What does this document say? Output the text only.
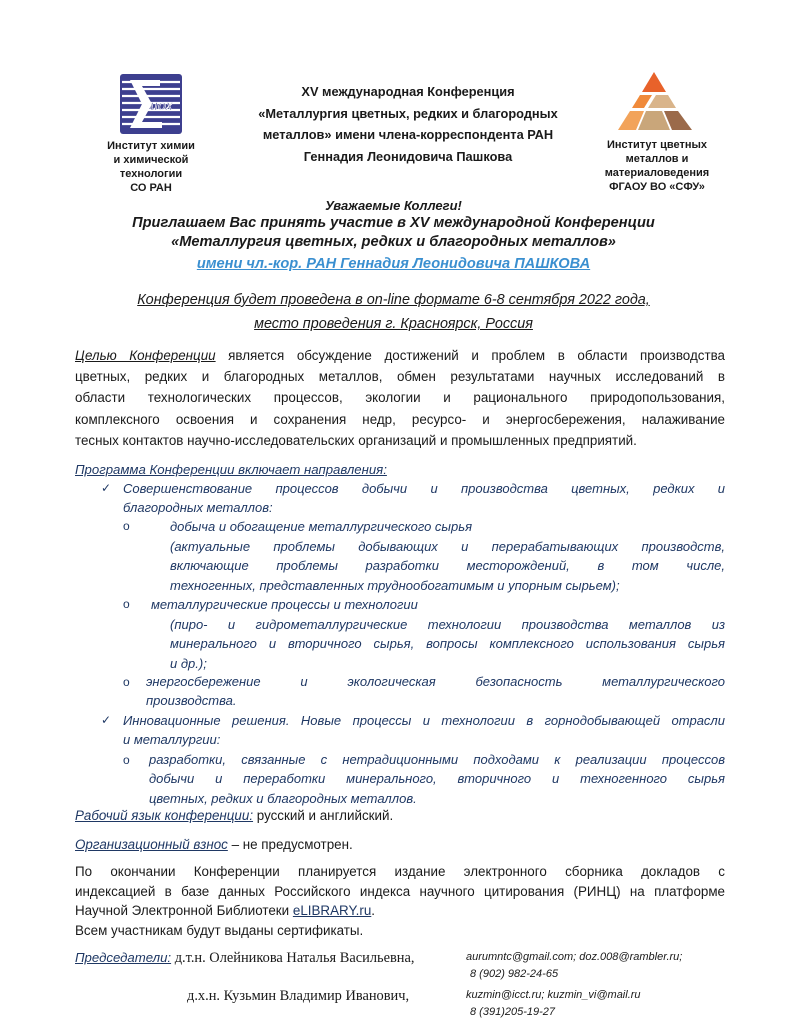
иох
Институт химии
и химической
технологии
СО РАН
XV международная Конференция
«Металлургия цветных, редких и благородных
металлов» имени члена-корреспондента РАН
Геннадия Леонидовича Пашкова
Институт цветных
металлов и
материаловедения
ФГАОУ ВО «СФУ»
Уважаемые Коллеги!
Приглашаем Вас принять участие в XV международной Конференции
«Металлургия цветных, редких и благородных металлов»
имени чл.-кор. РАН Геннадия Леонидовича ПАШКОВА
Конференция будет проведена в on-line формате 6-8 сентября 2022 года,
место проведения г. Красноярск, Россия
Целью Конференции является обсуждение достижений и проблем в области производства
цветных, редких и благородных металлов, обмен результатами научных исследований в
области технологических процессов, экологии и рационального природопользования,
комплексного освоения и сохранения недр, ресурсо- и энергосбережения, налаживание
тесных контактов научно-исследовательских организаций и промышленных предприятий.
Программа Конференции включает направления:
✓ Совершенствование процессов добычи и производства цветных, редких и
благородных металлов:
o	добыча и обогащение металлургического сырья
(актуальные проблемы добывающих и перерабатывающих производств,
включающие проблемы разработки месторождений, в том числе,
техногенных, представленных труднообогатимым и упорным сырьем);
o металлургические процессы и технологии
(пиро- и гидрометаллургические технологии производства металлов из
минерального и вторичного сырья, вопросы комплексного использования сырья
и др.);
o энергосбережение и экологическая безопасность металлургического
производства.
✓ Инновационные решения. Новые процессы и технологии в горнодобывающей отрасли
и металлургии:
o разработки, связанные с нетрадиционными подходами к реализации процессов
добычи и переработки минерального, вторичного и техногенного сырья
цветных, редких и благородных металлов.
Рабочий язык конференции: русский и английский.
Организационный взнос – не предусмотрен.
По окончании Конференции планируется издание электронного сборника докладов с
индексацией в базе данных Российского индекса научного цитирования (РИНЦ) на платформе
Научной Электронной Библиотеки eLIBRARY.ru.
Всем участникам будут выданы сертификаты.
Председатели: д.т.н. Олейникова Наталья Васильевна,	aurumntc@gmail.com; doz.008@rambler.ru;
8 (902) 982-24-65
д.х.н. Кузьмин Владимир Иванович,	kuzmin@icct.ru; kuzmin_vi@mail.ru
8 (391)205-19-27
